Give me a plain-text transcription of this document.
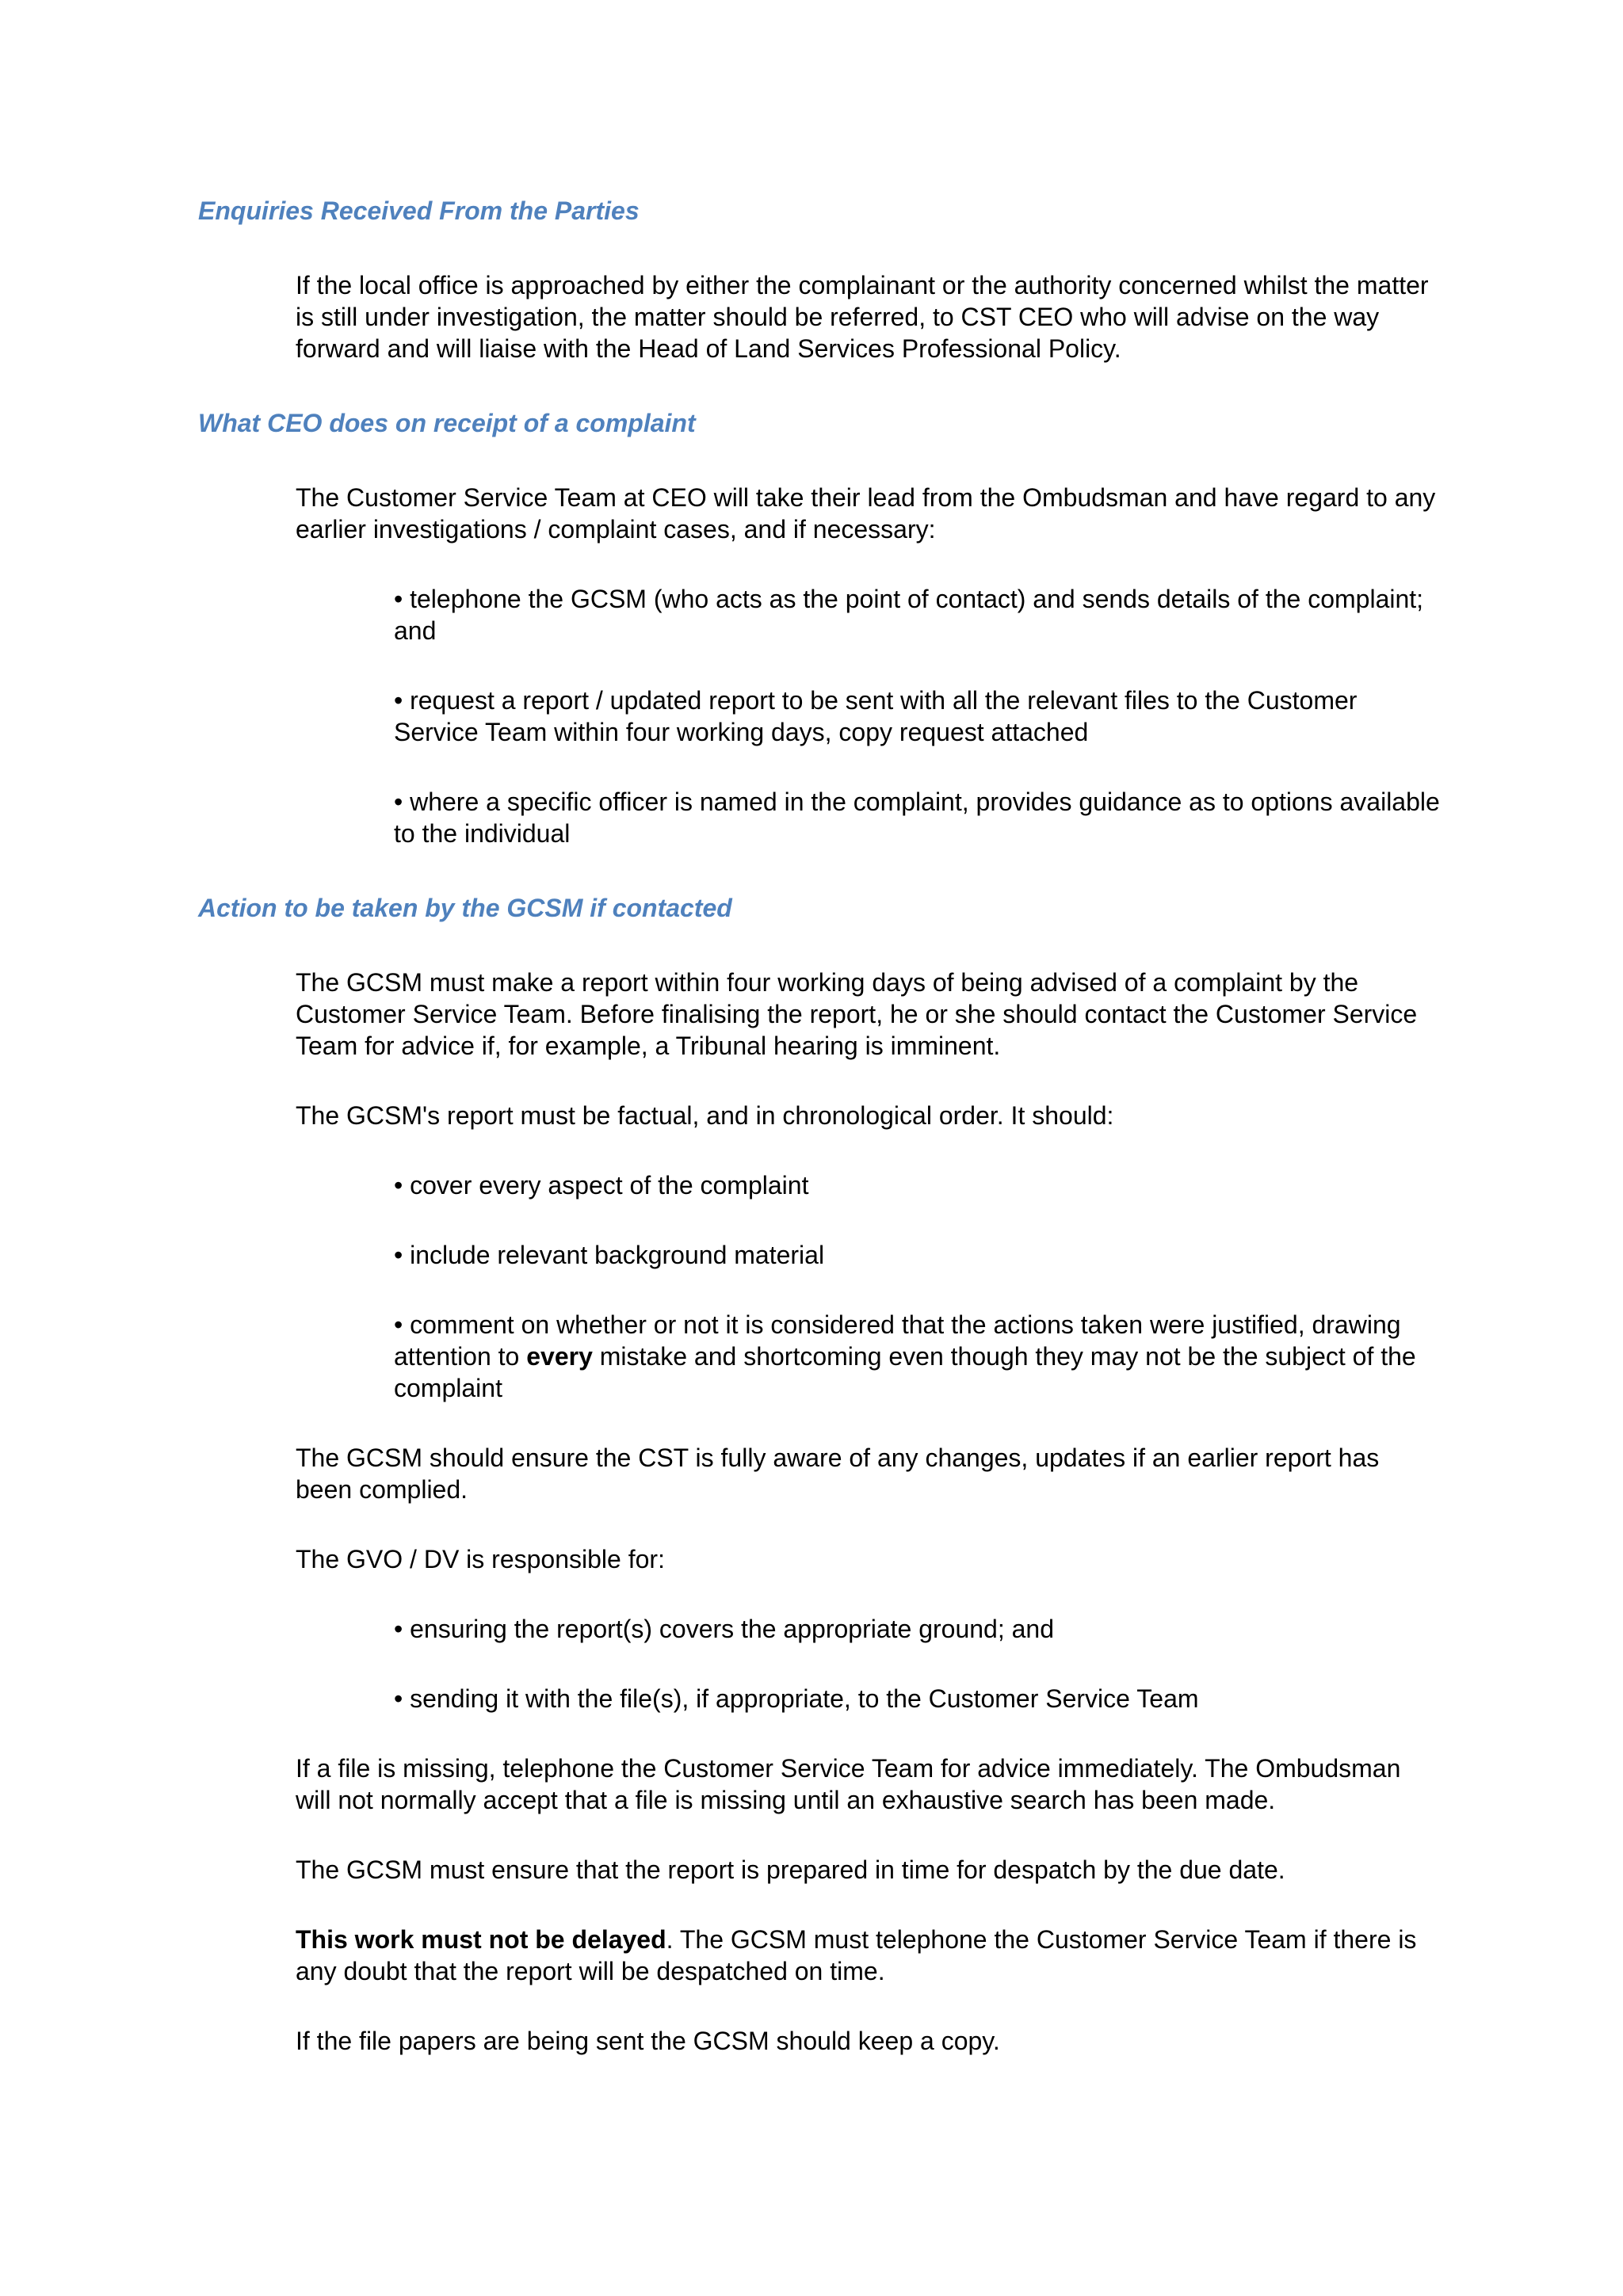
Enquiries Received From the Parties
If the local office is approached by either the complainant or the authority concerned whilst the matter is still under investigation, the matter should be referred, to CST CEO who will advise on the way forward and will liaise with the Head of Land Services Professional Policy.
What CEO does on receipt of a complaint
The Customer Service Team at CEO will take their lead from the Ombudsman and have regard to any earlier investigations / complaint cases, and if necessary:
• telephone the GCSM (who acts as the point of contact) and sends details of the complaint; and
• request a report / updated report to be sent with all the relevant files to the Customer Service Team within four working days, copy request attached
• where a specific officer is named in the complaint, provides guidance as to options available to the individual
Action to be taken by the GCSM if contacted
The GCSM must make a report within four working days of being advised of a complaint by the Customer Service Team. Before finalising the report, he or she should contact the Customer Service Team for advice if, for example, a Tribunal hearing is imminent.
The GCSM's report must be factual, and in chronological order. It should:
• cover every aspect of the complaint
• include relevant background material
• comment on whether or not it is considered that the actions taken were justified, drawing attention to every mistake and shortcoming even though they may not be the subject of the complaint
The GCSM should ensure the CST is fully aware of any changes, updates if an earlier report has been complied.
The GVO / DV is responsible for:
• ensuring the report(s) covers the appropriate ground; and
• sending it with the file(s), if appropriate, to the Customer Service Team
If a file is missing, telephone the Customer Service Team for advice immediately. The Ombudsman will not normally accept that a file is missing until an exhaustive search has been made.
The GCSM must ensure that the report is prepared in time for despatch by the due date.
This work must not be delayed. The GCSM must telephone the Customer Service Team if there is any doubt that the report will be despatched on time.
If the file papers are being sent the GCSM should keep a copy.
